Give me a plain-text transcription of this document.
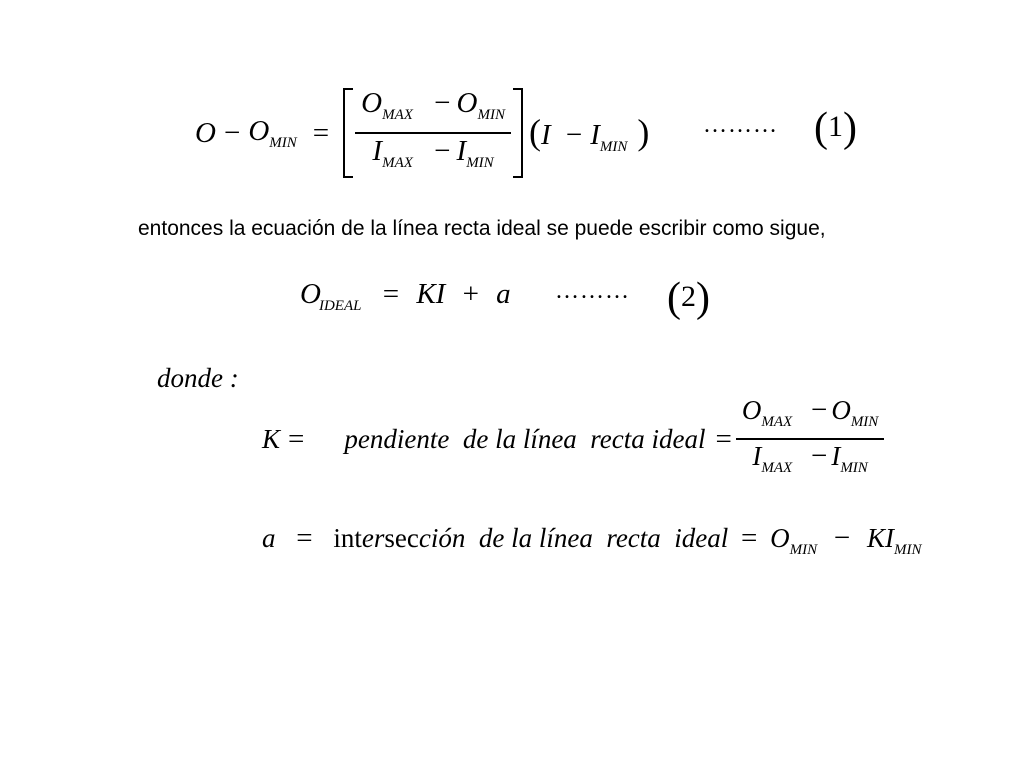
$O - O_{MIN} = \frac{O_{MAX} - O_{MIN}}{I_{MAX} - I_{MIN}} (I - I_{MIN}$ ) ……… (1)
entonces la ecuación de la línea recta ideal se puede escribir como sigue,
$O_{IDEAL}$ = KI + a ……… (2)
donde :
K = pendiente  de la línea  recta ideal = $\frac{O_{MAX} - O_{MIN}}{I_{MAX} - I_{MIN}}$
a = intersección  de la línea  recta  ideal = $O_{MIN} - KI_{MIN}$
